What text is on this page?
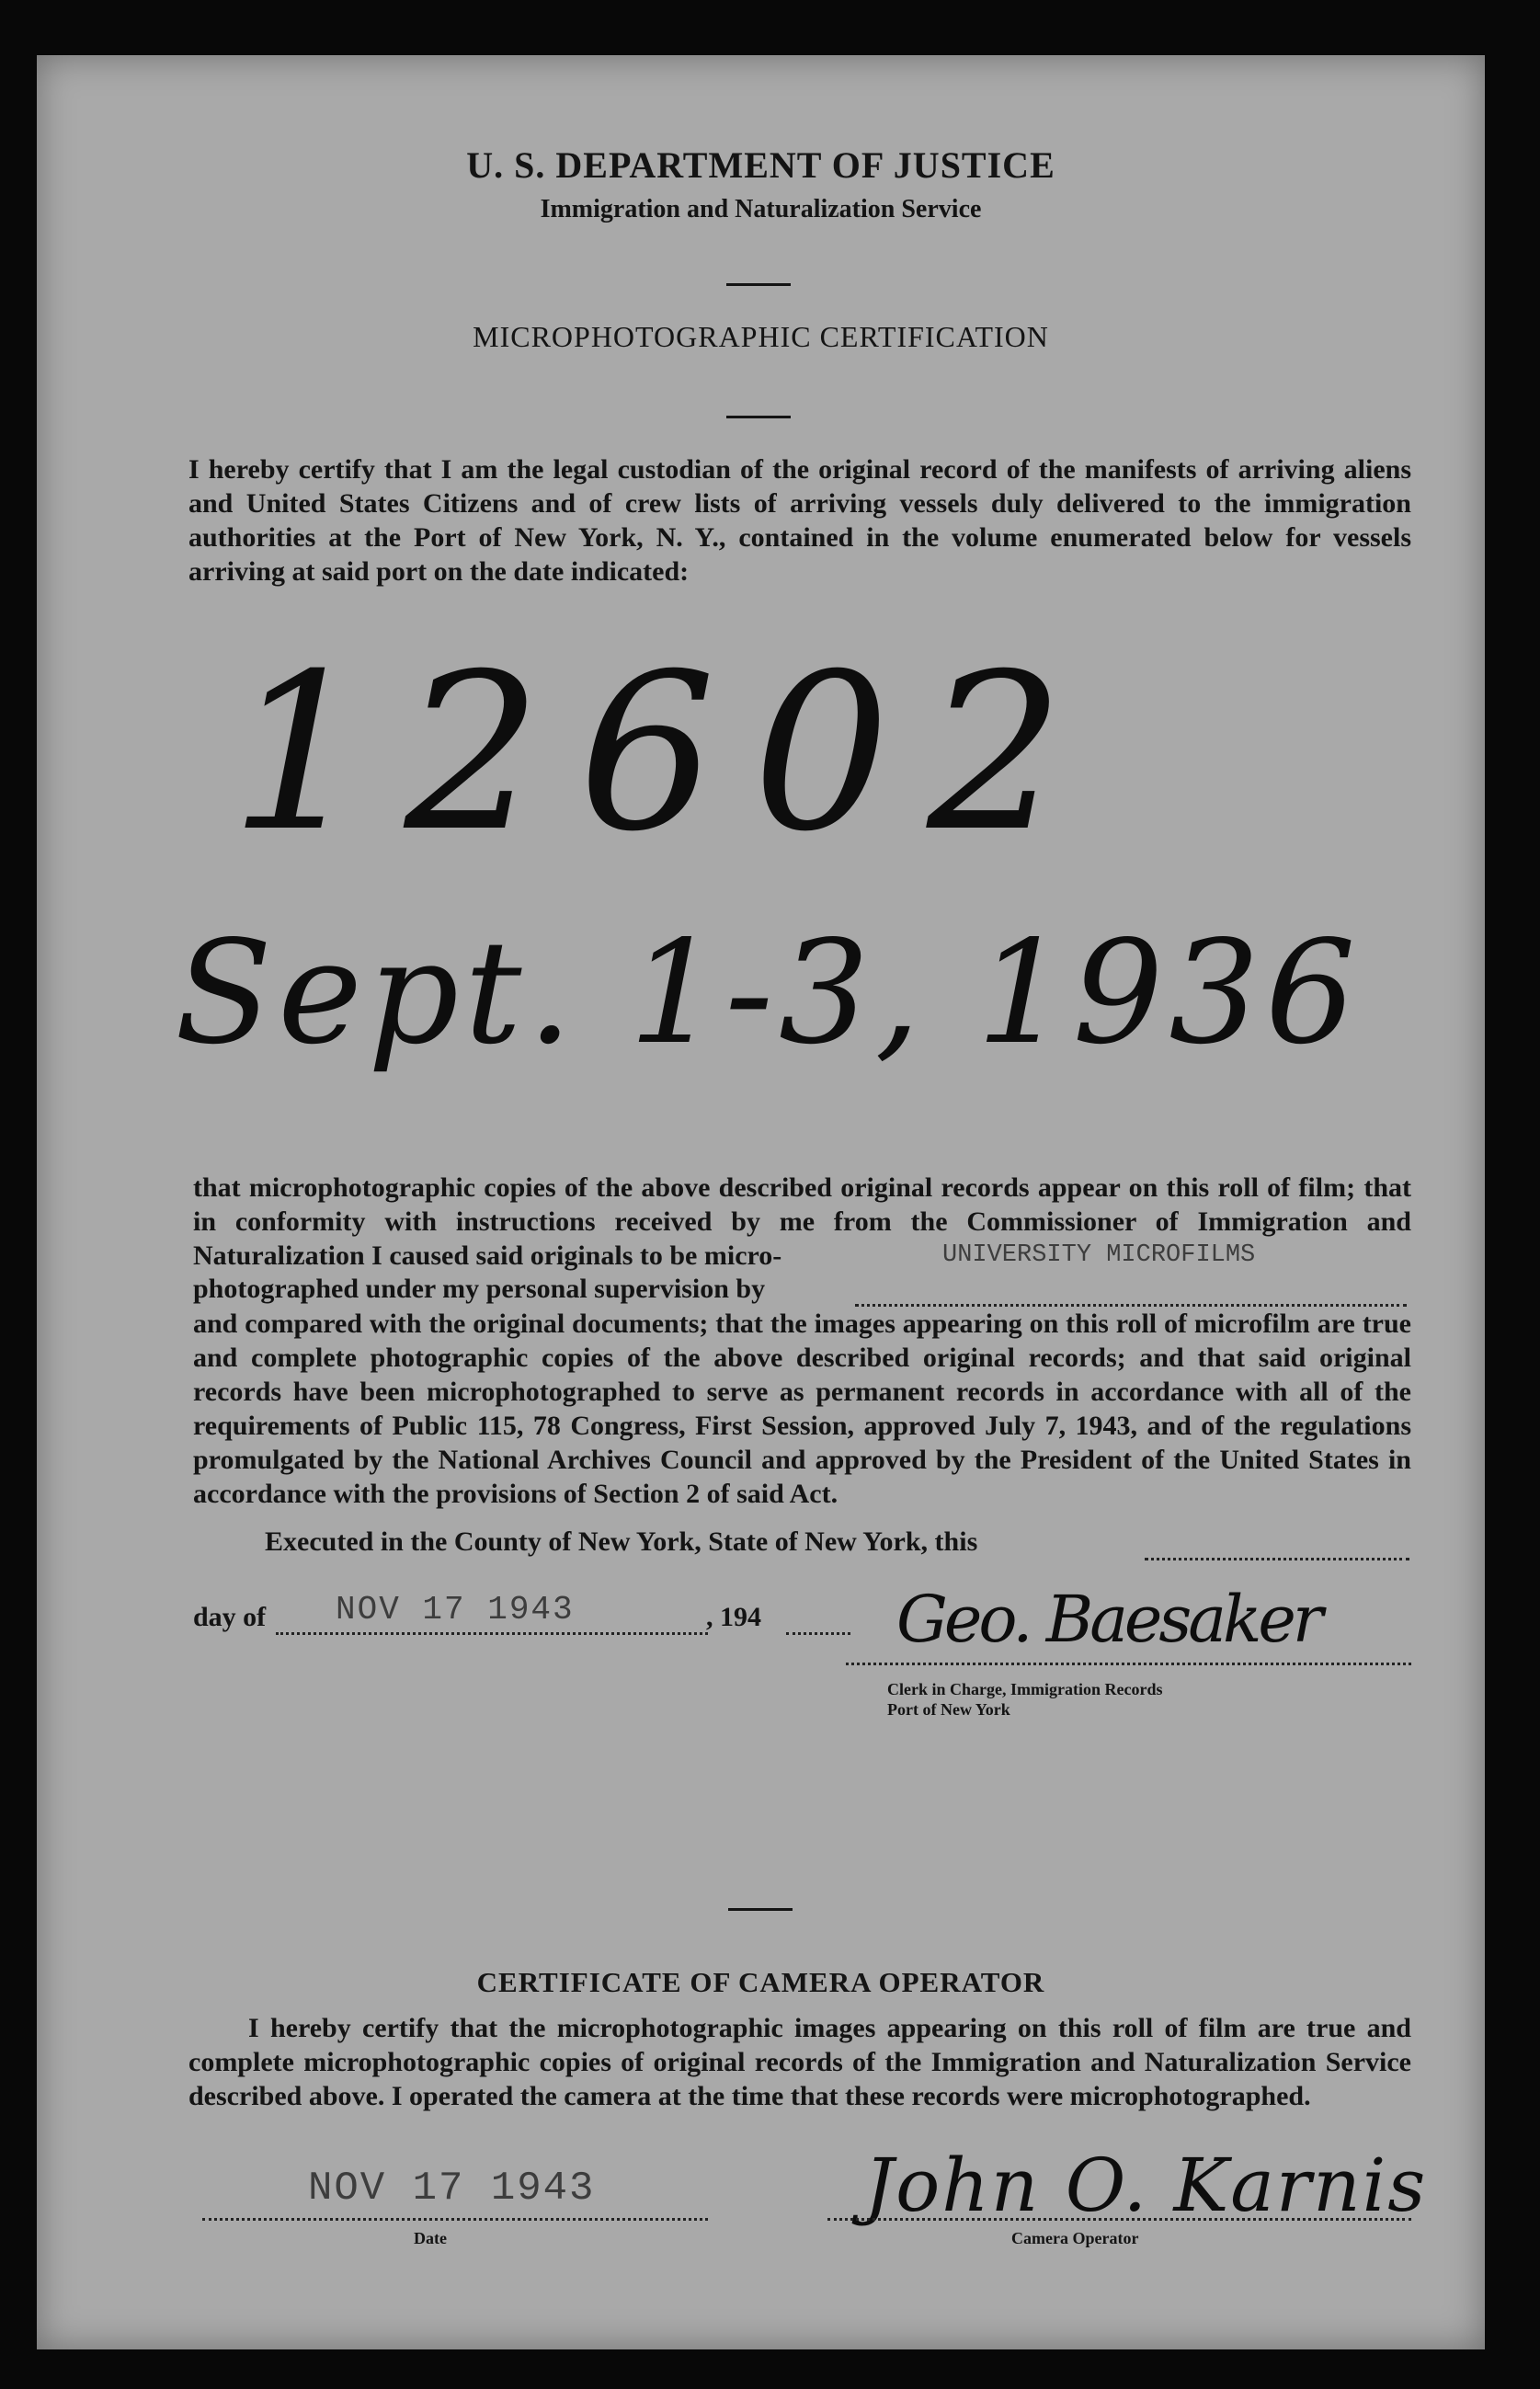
U. S. DEPARTMENT OF JUSTICE
Immigration and Naturalization Service
MICROPHOTOGRAPHIC CERTIFICATION

I hereby certify that I am the legal custodian of the original record of the manifests of arriving aliens and United States Citizens and of crew lists of arriving vessels duly delivered to the immigration authorities at the Port of New York, N. Y., contained in the volume enumerated below for vessels arriving at said port on the date indicated:

12602
Sept. 1-3, 1936

that microphotographic copies of the above described original records appear on this roll of film; that in conformity with instructions received by me from the Commissioner of Immigration and Naturalization I caused said originals to be micro-

photographed under my personal supervision by
UNIVERSITY MICROFILMS

and compared with the original documents; that the images appearing on this roll of microfilm are true and complete photographic copies of the above described original records; and that said original records have been microphotographed to serve as permanent records in accordance with all of the requirements of Public 115, 78 Congress, First Session, approved July 7, 1943, and of the regulations promulgated by the National Archives Council and approved by the President of the United States in accordance with the provisions of Section 2 of said Act.

Executed in the County of New York, State of New York, this
day of NOV 17 1943	, 194 Geo. Baesaker
Clerk in Charge, Immigration Records
Port of New York
CERTIFICATE OF CAMERA OPERATOR

I hereby certify that the microphotographic images appearing on this roll of film are true and complete microphotographic copies of original records of the Immigration and Naturalization Service described above. I operated the camera at the time that these records were microphotographed.

NOV 17 1943
Date
John O. Karnis
Camera Operator
